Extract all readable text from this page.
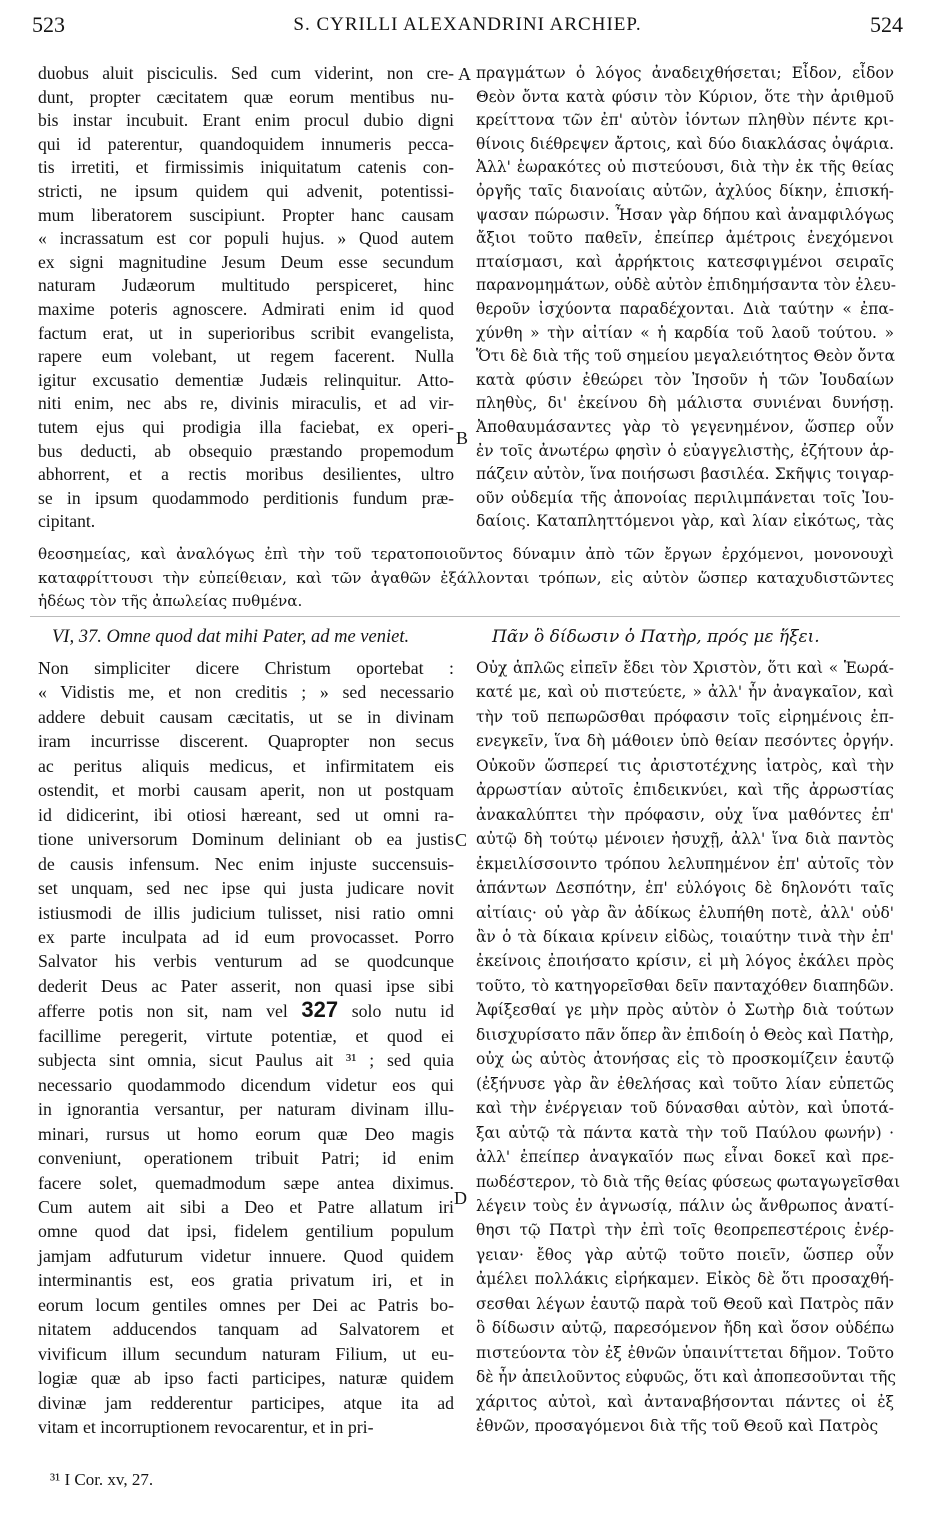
523	S. CYRILLI ALEXANDRINI ARCHIEP.	524
A
B
C
D
duobus aluit pisciculis. Sed cum viderint, non cre-
dunt, propter cæcitatem quæ eorum mentibus nu-
bis instar incubuit. Erant enim procul dubio digni
qui id paterentur, quandoquidem innumeris pecca-
tis irretiti, et firmissimis iniquitatum catenis con-
stricti, ne ipsum quidem qui advenit, potentissi-
mum liberatorem suscipiunt. Propter hanc causam
« incrassatum est cor populi hujus. » Quod autem
ex signi magnitudine Jesum Deum esse secundum
naturam Judæorum multitudo perspiceret, hinc
maxime poteris agnoscere. Admirati enim id quod
factum erat, ut in superioribus scribit evangelista,
rapere eum volebant, ut regem facerent. Nulla
igitur excusatio dementiæ Judæis relinquitur. Atto-
niti enim, nec abs re, divinis miraculis, et ad vir-
tutem ejus qui prodigia illa faciebat, ex operi-
bus deducti, ab obsequio præstando propemodum
abhorrent, et a rectis moribus desilientes, ultro
se in ipsum quodammodo perditionis fundum præ-
cipitant.
πραγμάτων ὁ λόγος ἀναδειχθήσεται; Εἶδον, εἶδον
Θεὸν ὄντα κατὰ φύσιν τὸν Κύριον, ὅτε τὴν ἀριθμοῦ
κρείττονα τῶν ἐπ' αὐτὸν ἰόντων πληθὺν πέντε κρι-
θίνοις διέθρεψεν ἄρτοις, καὶ δύο διακλάσας ὀψάρια.
Ἀλλ' ἑωρακότες οὐ πιστεύουσι, διὰ τὴν ἐκ τῆς θείας
ὀργῆς ταῖς διανοίαις αὐτῶν, ἀχλύος δίκην, ἐπισκή-
ψασαν πώρωσιν. Ἦσαν γὰρ δήπου καὶ ἀναμφιλόγως
ἄξιοι τοῦτο παθεῖν, ἐπείπερ ἀμέτροις ἐνεχόμενοι
πταίσμασι, καὶ ἀρρήκτοις κατεσφιγμένοι σειραῖς
παρανομημάτων, οὐδὲ αὐτὸν ἐπιδημήσαντα τὸν ἐλευ-
θεροῦν ἰσχύοντα παραδέχονται. Διὰ ταύτην « ἐπα-
χύνθη » τὴν αἰτίαν « ἡ καρδία τοῦ λαοῦ τούτου. »
Ὅτι δὲ διὰ τῆς τοῦ σημείου μεγαλειότητος Θεὸν ὄντα
κατὰ φύσιν ἐθεώρει τὸν Ἰησοῦν ἡ τῶν Ἰουδαίων
πληθὺς, δι' ἐκείνου δὴ μάλιστα συνιέναι δυνήσῃ.
Ἀποθαυμάσαντες γὰρ τὸ γεγενημένον, ὥσπερ οὖν
ἐν τοῖς ἀνωτέρω φησὶν ὁ εὐαγγελιστὴς, ἐζήτουν ἁρ-
πάζειν αὐτὸν, ἵνα ποιήσωσι βασιλέα. Σκῆψις τοιγαρ-
οῦν οὐδεμία τῆς ἀπονοίας περιλιμπάνεται τοῖς Ἰου-
δαίοις. Καταπληττόμενοι γὰρ, καὶ λίαν εἰκότως, τὰς
θεοσημείας, καὶ ἀναλόγως ἐπὶ τὴν τοῦ τερατοποιοῦντος δύναμιν ἀπὸ τῶν ἔργων ἐρχόμενοι, μονονουχὶ
καταφρίττουσι τὴν εὐπείθειαν, καὶ τῶν ἀγαθῶν ἐξάλλονται τρόπων, εἰς αὐτὸν ὥσπερ καταχυδιστῶντες
ἡδέως τὸν τῆς ἀπωλείας πυθμένα.
VI, 37. Omne quod dat mihi Pater, ad me veniet.	Πᾶν ὃ δίδωσιν ὁ Πατὴρ, πρός με ἥξει.
Non simpliciter dicere Christum oportebat :
« Vidistis me, et non creditis ; » sed necessario
addere debuit causam cæcitatis, ut se in divinam
iram incurrisse discerent. Quapropter non secus
ac peritus aliquis medicus, et infirmitatem eis
ostendit, et morbi causam aperit, non ut postquam
id didicerint, ibi otiosi hæreant, sed ut omni ra-
tione universorum Dominum deliniant ob ea justis
de causis infensum. Nec enim injuste succensuis-
set unquam, sed nec ipse qui justa judicare novit
istiusmodi de illis judicium tulisset, nisi ratio omni
ex parte inculpata ad id eum provocasset. Porro
Salvator his verbis venturum ad se quodcunque
dederit Deus ac Pater asserit, non quasi ipse sibi
afferre potis non sit, nam vel 327 solo nutu id
facillime peregerit, virtute potentiæ, et quod ei
subjecta sint omnia, sicut Paulus ait ³¹ ; sed quia
necessario quodammodo dicendum videtur eos qui
in ignorantia versantur, per naturam divinam illu-
minari, rursus ut homo eorum quæ Deo magis
conveniunt, operationem tribuit Patri; id enim
facere solet, quemadmodum sæpe antea diximus.
Cum autem ait sibi a Deo et Patre allatum iri
omne quod dat ipsi, fidelem gentilium populum
jamjam adfuturum videtur innuere. Quod quidem
interminantis est, eos gratia privatum iri, et in
eorum locum gentiles omnes per Dei ac Patris bo-
nitatem adducendos tanquam ad Salvatorem et
vivificum illum secundum naturam Filium, ut eu-
logiæ quæ ab ipso facti participes, naturæ quidem
divinæ jam redderentur participes, atque ita ad
vitam et incorruptionem revocarentur, et in pri-
Οὐχ ἁπλῶς εἰπεῖν ἔδει τὸν Χριστὸν, ὅτι καὶ « Ἑωρά-
κατέ με, καὶ οὐ πιστεύετε, » ἀλλ' ἦν ἀναγκαῖον, καὶ
τὴν τοῦ πεπωρῶσθαι πρόφασιν τοῖς εἰρημένοις ἐπ-
ενεγκεῖν, ἵνα δὴ μάθοιεν ὑπὸ θείαν πεσόντες ὀργήν.
Οὐκοῦν ὥσπερεί τις ἀριστοτέχνης ἰατρὸς, καὶ τὴν
ἀρρωστίαν αὐτοῖς ἐπιδεικνύει, καὶ τῆς ἀρρωστίας
ἀνακαλύπτει τὴν πρόφασιν, οὐχ ἵνα μαθόντες ἐπ'
αὐτῷ δὴ τούτῳ μένοιεν ἠσυχῇ, ἀλλ' ἵνα διὰ παντὸς
ἐκμειλίσσοιντο τρόπου λελυπημένον ἐπ' αὐτοῖς τὸν
ἁπάντων Δεσπότην, ἐπ' εὐλόγοις δὲ δηλονότι ταῖς
αἰτίαις· οὐ γὰρ ἂν ἀδίκως ἐλυπήθη ποτὲ, ἀλλ' οὐδ'
ἂν ὁ τὰ δίκαια κρίνειν εἰδὼς, τοιαύτην τινὰ τὴν ἐπ'
ἐκείνοις ἐποιήσατο κρίσιν, εἰ μὴ λόγος ἐκάλει πρὸς
τοῦτο, τὸ κατηγορεῖσθαι δεῖν πανταχόθεν διαπηδῶν.
Ἀφίξεσθαί γε μὴν πρὸς αὐτὸν ὁ Σωτὴρ διὰ τούτων
διισχυρίσατο πᾶν ὅπερ ἂν ἐπιδοίη ὁ Θεὸς καὶ Πατὴρ,
οὐχ ὡς αὐτὸς ἀτονήσας εἰς τὸ προσκομίζειν ἑαυτῷ
(ἐξήνυσε γὰρ ἂν ἐθελήσας καὶ τοῦτο λίαν εὐπετῶς
καὶ τὴν ἐνέργειαν τοῦ δύνασθαι αὐτὸν, καὶ ὑποτά-
ξαι αὐτῷ τὰ πάντα κατὰ τὴν τοῦ Παύλου φωνήν) ·
ἀλλ' ἐπείπερ ἀναγκαῖόν πως εἶναι δοκεῖ καὶ πρε-
πωδέστερον, τὸ διὰ τῆς θείας φύσεως φωταγωγεῖσθαι
λέγειν τοὺς ἐν ἀγνωσίᾳ, πάλιν ὡς ἄνθρωπος ἀνατί-
θησι τῷ Πατρὶ τὴν ἐπὶ τοῖς θεοπρεπεστέροις ἐνέρ-
γειαν· ἔθος γὰρ αὐτῷ τοῦτο ποιεῖν, ὥσπερ οὖν
ἀμέλει πολλάκις εἰρήκαμεν. Εἰκὸς δὲ ὅτι προσαχθή-
σεσθαι λέγων ἑαυτῷ παρὰ τοῦ Θεοῦ καὶ Πατρὸς πᾶν
ὃ δίδωσιν αὐτῷ, παρεσόμενον ἤδη καὶ ὅσον οὐδέπω
πιστεύοντα τὸν ἐξ ἐθνῶν ὑπαινίττεται δῆμον. Τοῦτο
δὲ ἦν ἀπειλοῦντος εὐφυῶς, ὅτι καὶ ἀποπεσοῦνται τῆς
χάριτος αὐτοὶ, καὶ ἀνταναβήσονται πάντες οἱ ἐξ
ἐθνῶν, προσαγόμενοι διὰ τῆς τοῦ Θεοῦ καὶ Πατρὸς
³¹ I Cor. xv, 27.
